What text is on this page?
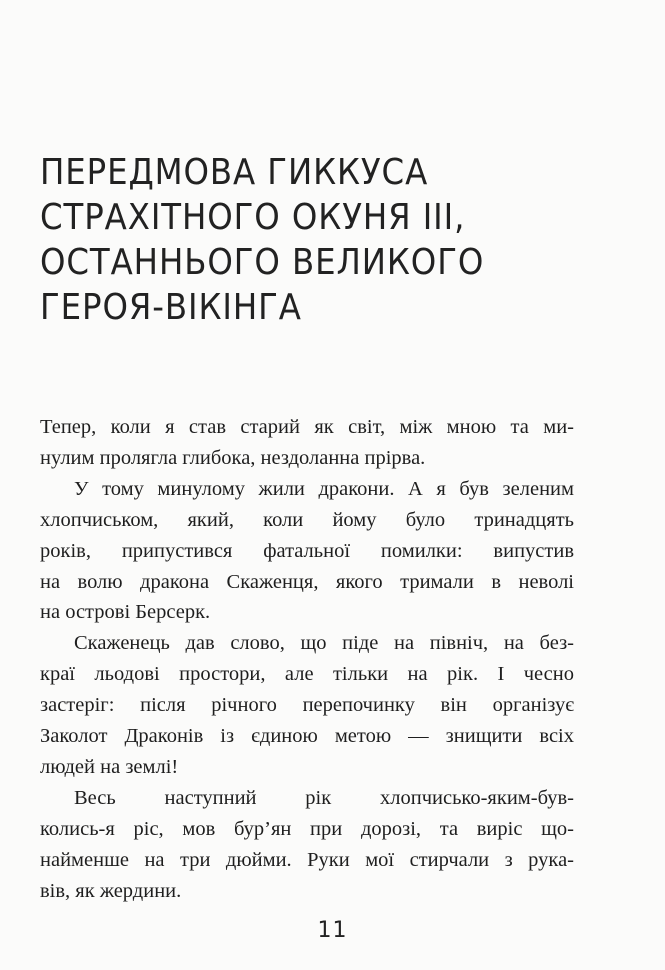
ПЕРЕДМОВА ГИККУСА
СТРАХІТНОГО ОКУНЯ ІІІ,
ОСТАННЬОГО ВЕЛИКОГО
ГЕРОЯ-ВІКІНГА
Тепер, коли я став старий як світ, між мною та ми-
нулим пролягла глибока, нездоланна прірва.
У тому минулому жили дракони. А я був зеленим
хлопчиськом, який, коли йому було тринадцять
років, припустився фатальної помилки: випустив
на волю дракона Скаженця, якого тримали в неволі
на острові Берсерк.
Скаженець дав слово, що піде на північ, на без-
краї льодові простори, але тільки на рік. І чесно
застеріг: після річного перепочинку він організує
Заколот Драконів із єдиною метою — знищити всіх
людей на землі!
Весь наступний рік хлопчисько-яким-був-
колись-я ріс, мов бур’ян при дорозі, та виріс що-
найменше на три дюйми. Руки мої стирчали з рука-
вів, як жердини.
11
